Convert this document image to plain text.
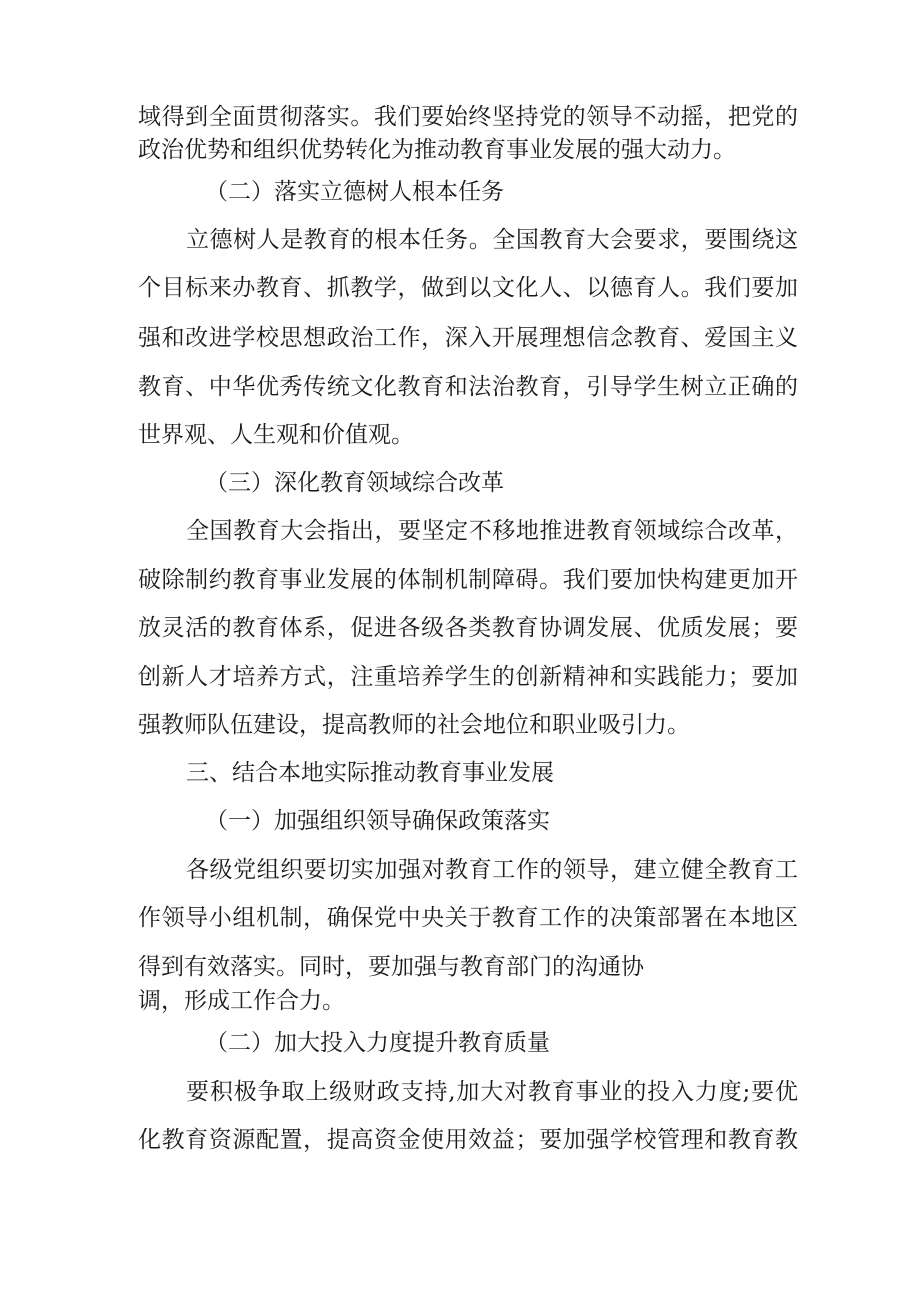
域得到全面贯彻落实。我们要始终坚持党的领导不动摇，把党的
政治优势和组织优势转化为推动教育事业发展的强大动力。
（二）落实立德树人根本任务
立德树人是教育的根本任务。全国教育大会要求，要围绕这
个目标来办教育、抓教学，做到以文化人、以德育人。我们要加
强和改进学校思想政治工作，深入开展理想信念教育、爱国主义
教育、中华优秀传统文化教育和法治教育，引导学生树立正确的
世界观、人生观和价值观。
（三）深化教育领域综合改革
全国教育大会指出，要坚定不移地推进教育领域综合改革，
破除制约教育事业发展的体制机制障碍。我们要加快构建更加开
放灵活的教育体系，促进各级各类教育协调发展、优质发展；要
创新人才培养方式，注重培养学生的创新精神和实践能力；要加
强教师队伍建设，提高教师的社会地位和职业吸引力。
三、结合本地实际推动教育事业发展
（一）加强组织领导确保政策落实
各级党组织要切实加强对教育工作的领导，建立健全教育工
作领导小组机制，确保党中央关于教育工作的决策部署在本地区
得到有效落实。同时，要加强与教育部门的沟通协
调，形成工作合力。
（二）加大投入力度提升教育质量
要积极争取上级财政支持,加大对教育事业的投入力度;要优
化教育资源配置，提高资金使用效益；要加强学校管理和教育教
